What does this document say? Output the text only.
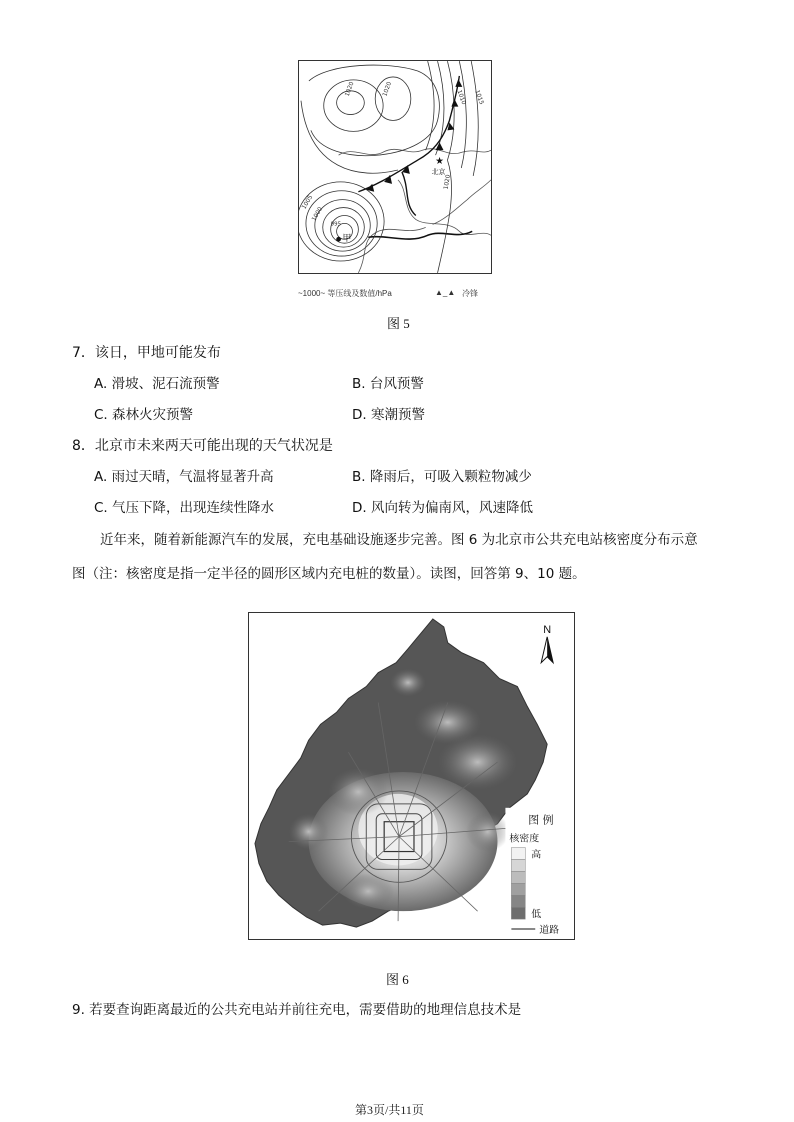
★
北京
甲
1020	1020	1010 1015
1005
1000
995
1020
~1000~ 等压线及数值/hPa	▲_▲ 冷锋
图 5
7．该日，甲地可能发布
A. 滑坡、泥石流预警	B. 台风预警
C. 森林火灾预警	D. 寒潮预警
8．北京市未来两天可能出现的天气状况是
A. 雨过天晴，气温将显著升高	B. 降雨后，可吸入颗粒物减少
C. 气压下降，出现连续性降水	D. 风向转为偏南风，风速降低
近年来，随着新能源汽车的发展，充电基础设施逐步完善。图 6 为北京市公共充电站核密度分布示意
图（注：核密度是指一定半径的圆形区域内充电桩的数量）。读图，回答第 9、10 题。
N
图 例
核密度
高
低
道路
图 6
9. 若要查询距离最近的公共充电站并前往充电，需要借助的地理信息技术是
第3页/共11页
